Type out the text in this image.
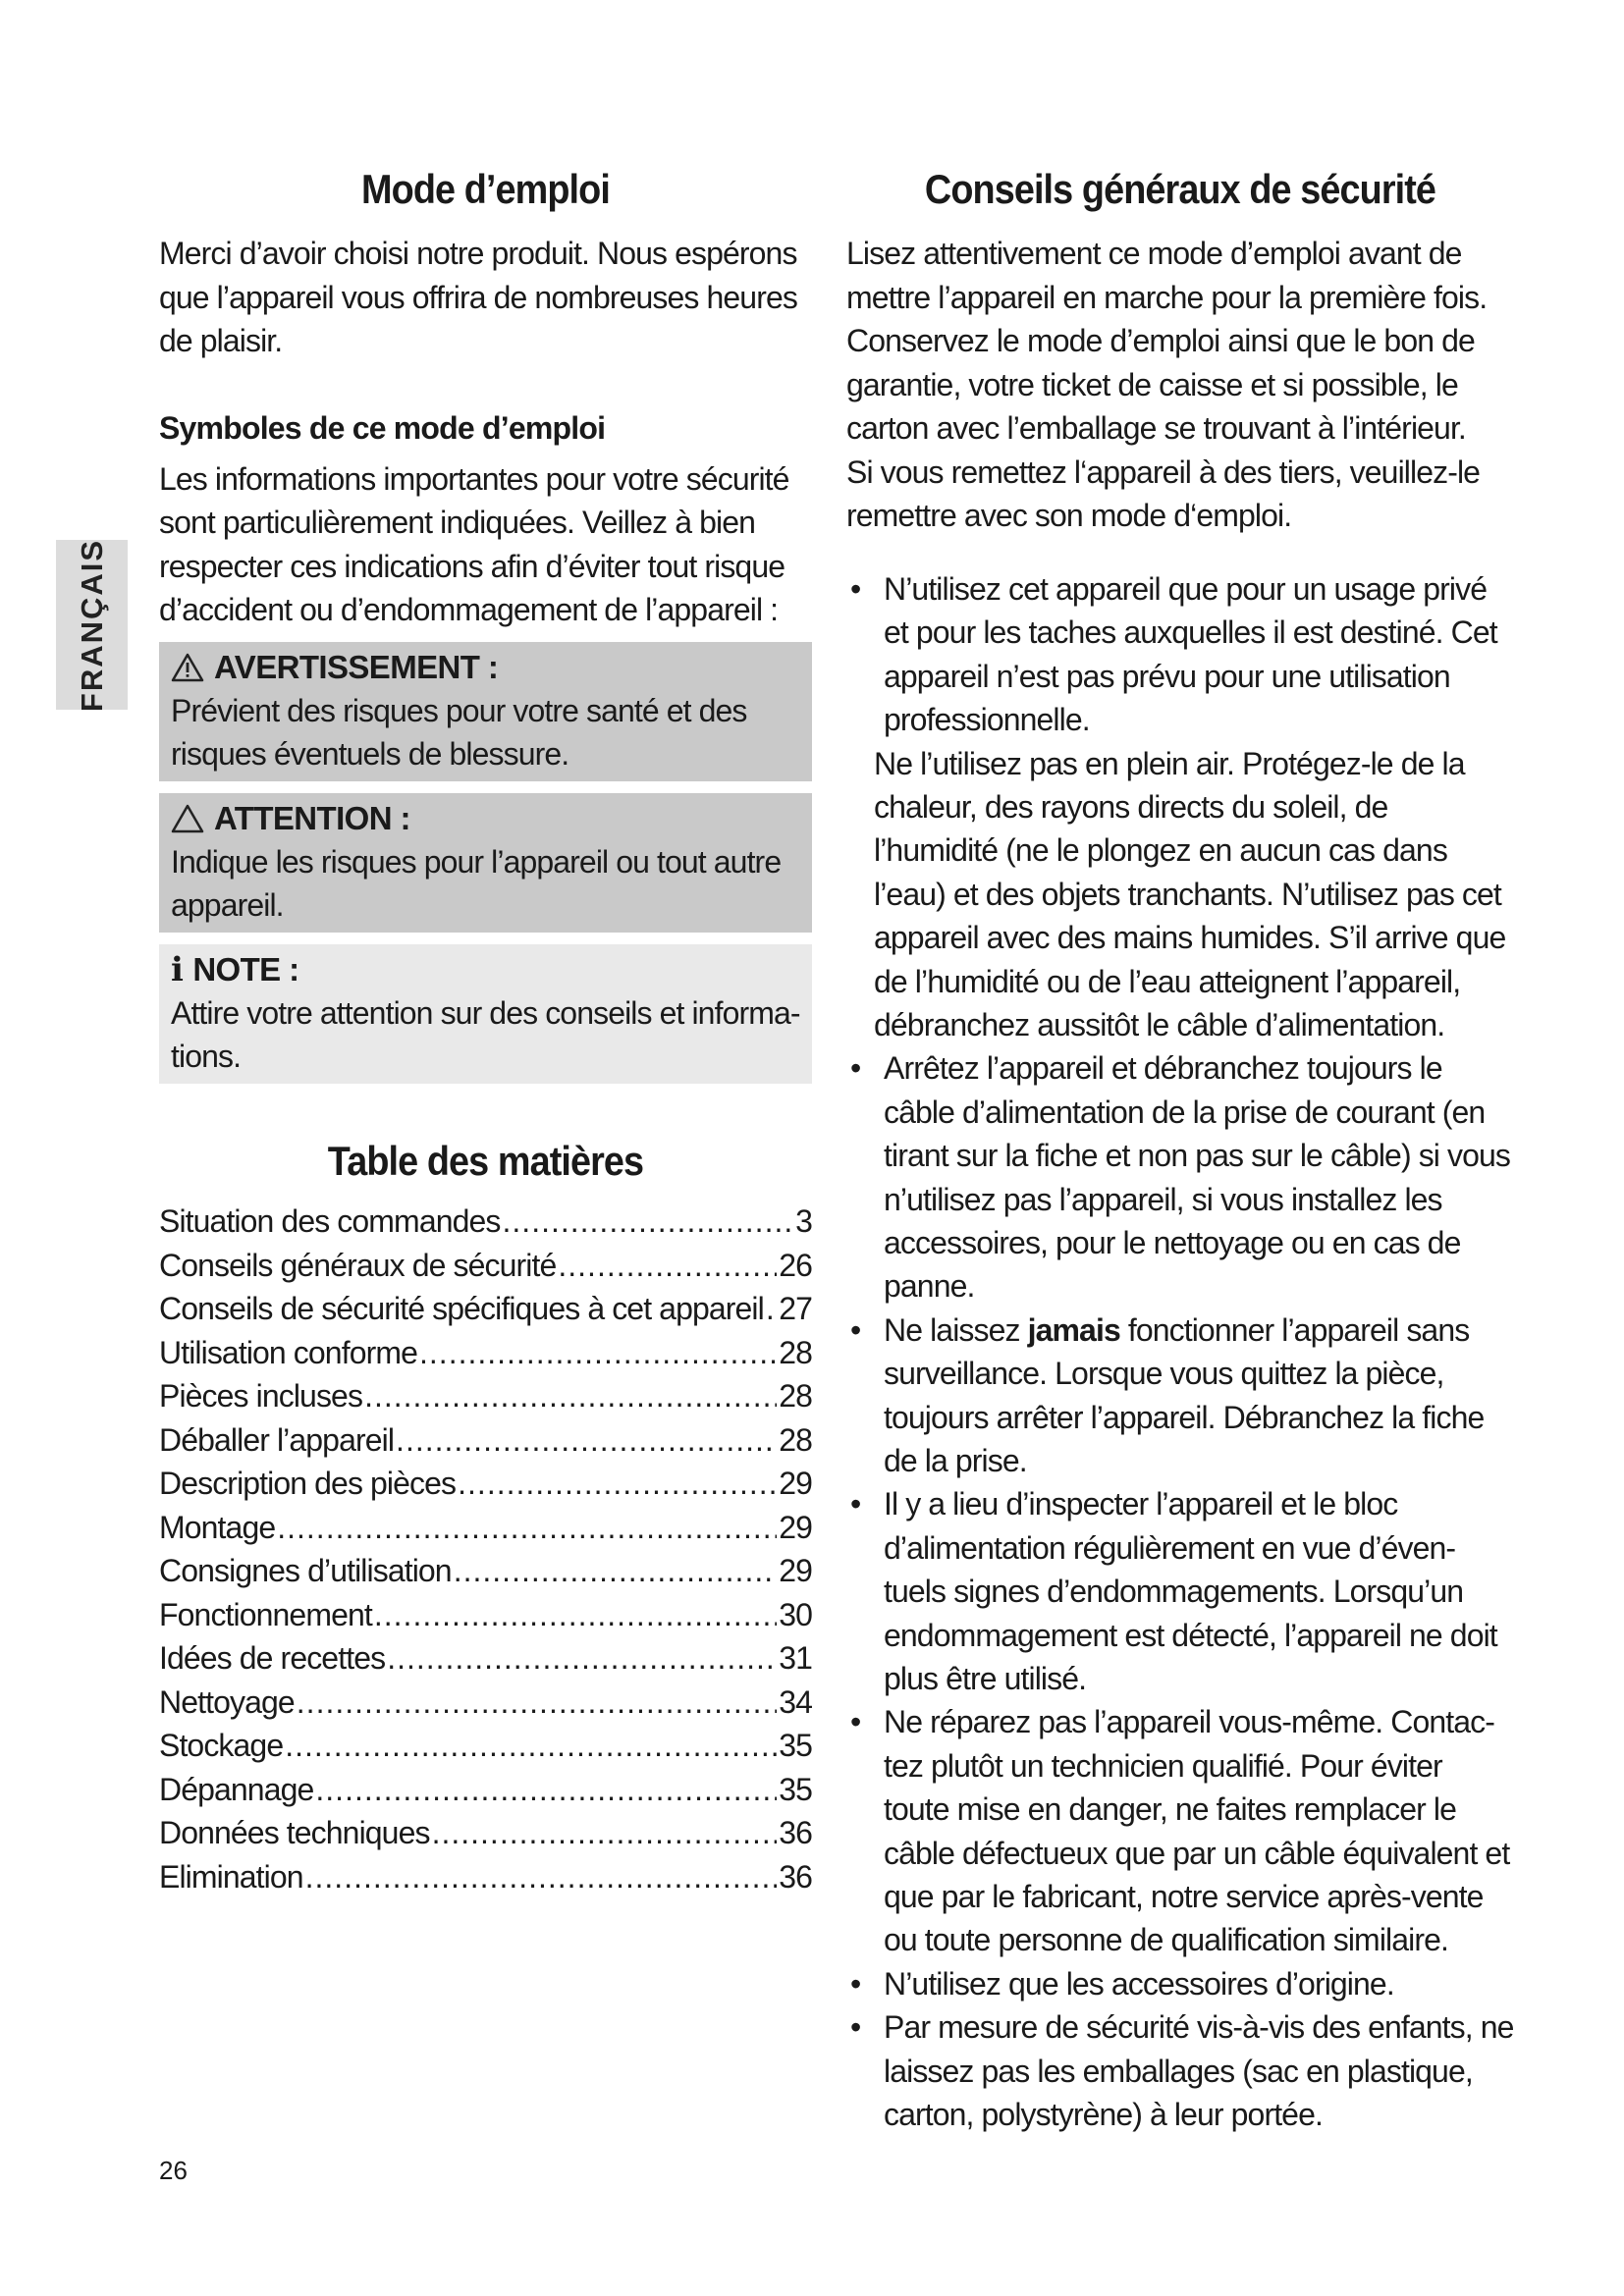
FRANÇAIS
Mode d’emploi

Merci d’avoir choisi notre produit. Nous espérons que l’appareil vous offrira de nombreuses heures de plaisir.

Symboles de ce mode d’emploi

Les informations importantes pour votre sécurité sont particulièrement indiquées. Veillez à bien respecter ces indications afin d’éviter tout risque d’accident ou d’endommagement de l’appareil :

AVERTISSEMENT :

Prévient des risques pour votre santé et des risques éventuels de blessure.

ATTENTION :

Indique les risques pour l’appareil ou tout autre appareil.

i NOTE :

Attire votre attention sur des conseils et informa-tions.

Table des matières
Situation des commandes .....	3
Conseils généraux de sécurité .....	26
Conseils de sécurité spécifiques à cet appareil ..... 27
Utilisation conforme .....	28
Pièces incluses .....	28
Déballer l’appareil .....	28
Description des pièces .....	29
Montage .....	29
Consignes d’utilisation .....	29
Fonctionnement .....	30
Idées de recettes .....	31
Nettoyage .....	34
Stockage .....	35
Dépannage .....	35
Données techniques .....	36
Elimination .....	36
Conseils généraux de sécurité

Lisez attentivement ce mode d’emploi avant de mettre l’appareil en marche pour la première fois. Conservez le mode d’emploi ainsi que le bon de garantie, votre ticket de caisse et si possible, le carton avec l’emballage se trouvant à l’intérieur.

Si vous remettez l‘appareil à des tiers, veuillez-le remettre avec son mode d‘emploi.

• N’utilisez cet appareil que pour un usage privé et pour les taches auxquelles il est destiné. Cet appareil n’est pas prévu pour une utilisation professionnelle.
Ne l’utilisez pas en plein air. Protégez-le de la chaleur, des rayons directs du soleil, de l’humidité (ne le plongez en aucun cas dans l’eau) et des objets tranchants. N’utilisez pas cet appareil avec des mains humides. S’il arrive que de l’humidité ou de l’eau atteignent l’appareil, débranchez aussitôt le câble d’alimentation.
• Arrêtez l’appareil et débranchez toujours le câble d’alimentation de la prise de courant (en tirant sur la fiche et non pas sur le câble) si vous n’utilisez pas l’appareil, si vous installez les accessoires, pour le nettoyage ou en cas de panne.
• Ne laissez jamais fonctionner l’appareil sans surveillance. Lorsque vous quittez la pièce, toujours arrêter l’appareil. Débranchez la fiche de la prise.
• Il y a lieu d’inspecter l’appareil et le bloc d’alimentation régulièrement en vue d’éven-tuels signes d’endommagements. Lorsqu’un endommagement est détecté, l’appareil ne doit plus être utilisé.
• Ne réparez pas l’appareil vous-même. Contac-tez plutôt un technicien qualifié. Pour éviter toute mise en danger, ne faites remplacer le câble défectueux que par un câble équivalent et que par le fabricant, notre service après-vente ou toute personne de qualification similaire.
• N’utilisez que les accessoires d’origine.
• Par mesure de sécurité vis-à-vis des enfants, ne laissez pas les emballages (sac en plastique, carton, polystyrène) à leur portée.
26
